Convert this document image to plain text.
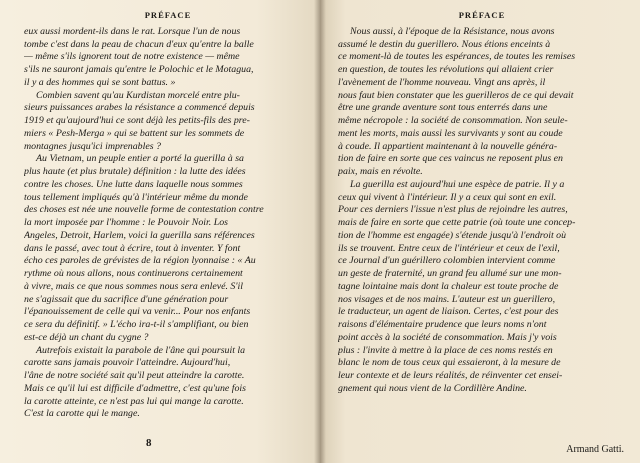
PRÉFACE
eux aussi mordent-ils dans le rat. Lorsque l'un de nous
tombe c'est dans la peau de chacun d'eux qu'entre la balle
— même s'ils ignorent tout de notre existence — même
s'ils ne sauront jamais qu'entre le Polochic et le Motagua,
il y a des hommes qui se sont battus. »
Combien savent qu'au Kurdistan morcelé entre plu-
sieurs puissances arabes la résistance a commencé depuis
1919 et qu'aujourd'hui ce sont déjà les petits-fils des pre-
miers « Pesh-Merga » qui se battent sur les sommets de
montagnes jusqu'ici imprenables ?
Au Vietnam, un peuple entier a porté la guerilla à sa
plus haute (et plus brutale) définition : la lutte des idées
contre les choses. Une lutte dans laquelle nous sommes
tous tellement impliqués qu'à l'intérieur même du monde
des choses est née une nouvelle forme de contestation contre
la mort imposée par l'homme : le Pouvoir Noir. Los
Angeles, Detroit, Harlem, voici la guerilla sans références
dans le passé, avec tout à écrire, tout à inventer. Y font
écho ces paroles de grévistes de la région lyonnaise : « Au
rythme où nous allons, nous continuerons certainement
à vivre, mais ce que nous sommes nous sera enlevé. S'il
ne s'agissait que du sacrifice d'une génération pour
l'épanouissement de celle qui va venir... Pour nos enfants
ce sera du définitif. » L'écho ira-t-il s'amplifiant, ou bien
est-ce déjà un chant du cygne ?
Autrefois existait la parabole de l'âne qui poursuit la
carotte sans jamais pouvoir l'atteindre. Aujourd'hui,
l'âne de notre société sait qu'il peut atteindre la carotte.
Mais ce qu'il lui est difficile d'admettre, c'est qu'une fois
la carotte atteinte, ce n'est pas lui qui mange la carotte.
C'est la carotte qui le mange.
8
PRÉFACE
Nous aussi, à l'époque de la Résistance, nous avons
assumé le destin du guerillero. Nous étions enceints à
ce moment-là de toutes les espérances, de toutes les remises
en question, de toutes les révolutions qui allaient crier
l'avènement de l'homme nouveau. Vingt ans après, il
nous faut bien constater que les guerilleros de ce qui devait
être une grande aventure sont tous enterrés dans une
même nécropole : la société de consommation. Non seule-
ment les morts, mais aussi les survivants y sont au coude
à coude. Il appartient maintenant à la nouvelle généra-
tion de faire en sorte que ces vaincus ne reposent plus en
paix, mais en révolte.
La guerilla est aujourd'hui une espèce de patrie. Il y a
ceux qui vivent à l'intérieur. Il y a ceux qui sont en exil.
Pour ces derniers l'issue n'est plus de rejoindre les autres,
mais de faire en sorte que cette patrie (où toute une concep-
tion de l'homme est engagée) s'étende jusqu'à l'endroit où
ils se trouvent. Entre ceux de l'intérieur et ceux de l'exil,
ce Journal d'un guérillero colombien intervient comme
un geste de fraternité, un grand feu allumé sur une mon-
tagne lointaine mais dont la chaleur est toute proche de
nos visages et de nos mains. L'auteur est un guerillero,
le traducteur, un agent de liaison. Certes, c'est pour des
raisons d'élémentaire prudence que leurs noms n'ont
point accès à la société de consommation. Mais j'y vois
plus : l'invite à mettre à la place de ces noms restés en
blanc le nom de tous ceux qui essaieront, à la mesure de
leur contexte et de leurs réalités, de réinventer cet ensei-
gnement qui nous vient de la Cordillère Andine.
Armand Gatti.
